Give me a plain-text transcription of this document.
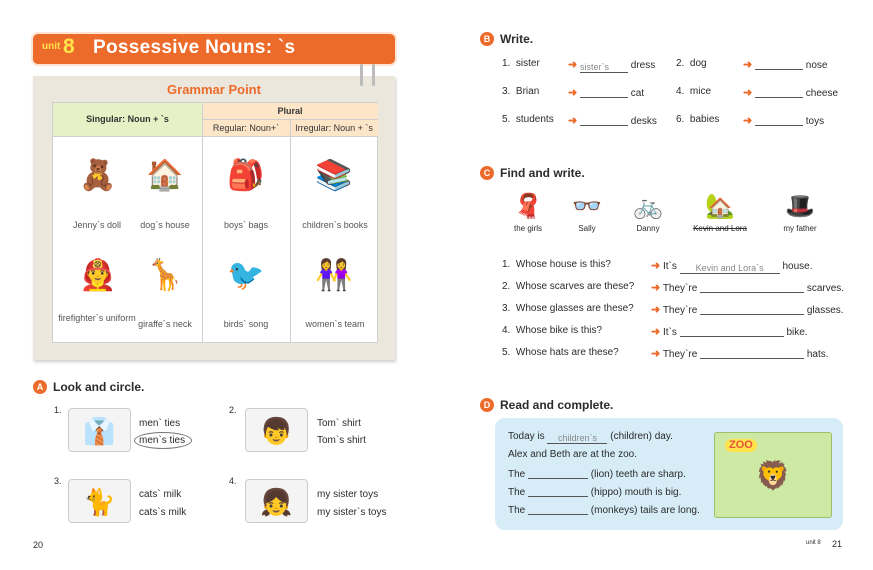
unit 8 Possessive Nouns: `s
Grammar Point
Singular: Noun + `s
Plural
Regular: Noun+`	Irregular: Noun + `s
🧸
Jenny`s doll
🏠
dog`s house
🎒
boys` bags
📚
children`s books
👨‍🚒
firefighter`s uniform
🦒
giraffe`s neck
🐦
birds` song
👭
women`s team
A Look and circle.
1.
👔	men` ties
men`s ties
2.
👦	Tom` shirt
Tom`s shirt
3.
🐈	cats` milk
cats`s milk
4.
👧	my sister toys
my sister`s toys
20
B Write.
1. sister	➜ sister`s dress 2. dog	➜	nose
3. Brian	➜	cat	4. mice	➜	cheese
5. students ➜	desks 6. babies ➜	toys
C Find and write.
🧣
the girls
👓
Sally
🚲
Danny
🏡
Kevin and Lora
🎩
my father
1. Whose house is this?	➜ It`s Kevin and Lora`s house.
2. Whose scarves are these? ➜ They`re	scarves.
3. Whose glasses are these? ➜ They`re	glasses.
4. Whose bike is this?	➜ It`s	bike.
5. Whose hats are these?	➜ They`re	hats.
D Read and complete.
Today is children`s (children) day.
Alex and Beth are at the zoo.
The	(lion) teeth are sharp.
The	(hippo) mouth is big.
The	(monkeys) tails are long.
🦁
ZOO
unit 8 21
